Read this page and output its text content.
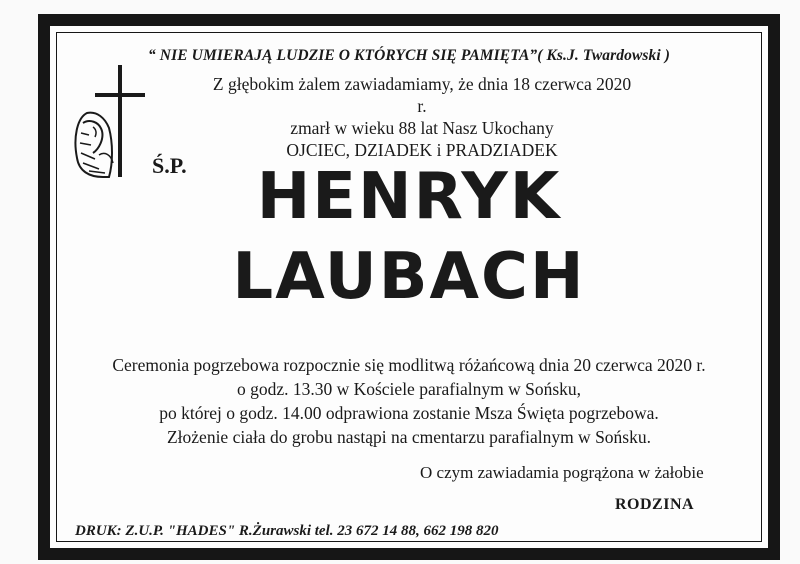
“ NIE UMIERAJĄ LUDZIE O KTÓRYCH SIĘ PAMIĘTA”( Ks.J. Twardowski )
Ś.P.
Z głębokim żalem zawiadamiamy, że dnia 18 czerwca 2020 r.
zmarł w wieku 88 lat Nasz Ukochany
OJCIEC, DZIADEK i PRADZIADEK
HENRYK
LAUBACH
Ceremonia pogrzebowa rozpocznie się modlitwą różańcową dnia 20 czerwca 2020 r.
o godz. 13.30 w Kościele parafialnym w Sońsku,
po której o godz. 14.00 odprawiona zostanie Msza Święta pogrzebowa.
Złożenie ciała do grobu nastąpi na cmentarzu parafialnym w Sońsku.
O czym zawiadamia pogrążona w żałobie
RODZINA
DRUK: Z.U.P. "HADES" R.Żurawski tel. 23 672 14 88, 662 198 820
